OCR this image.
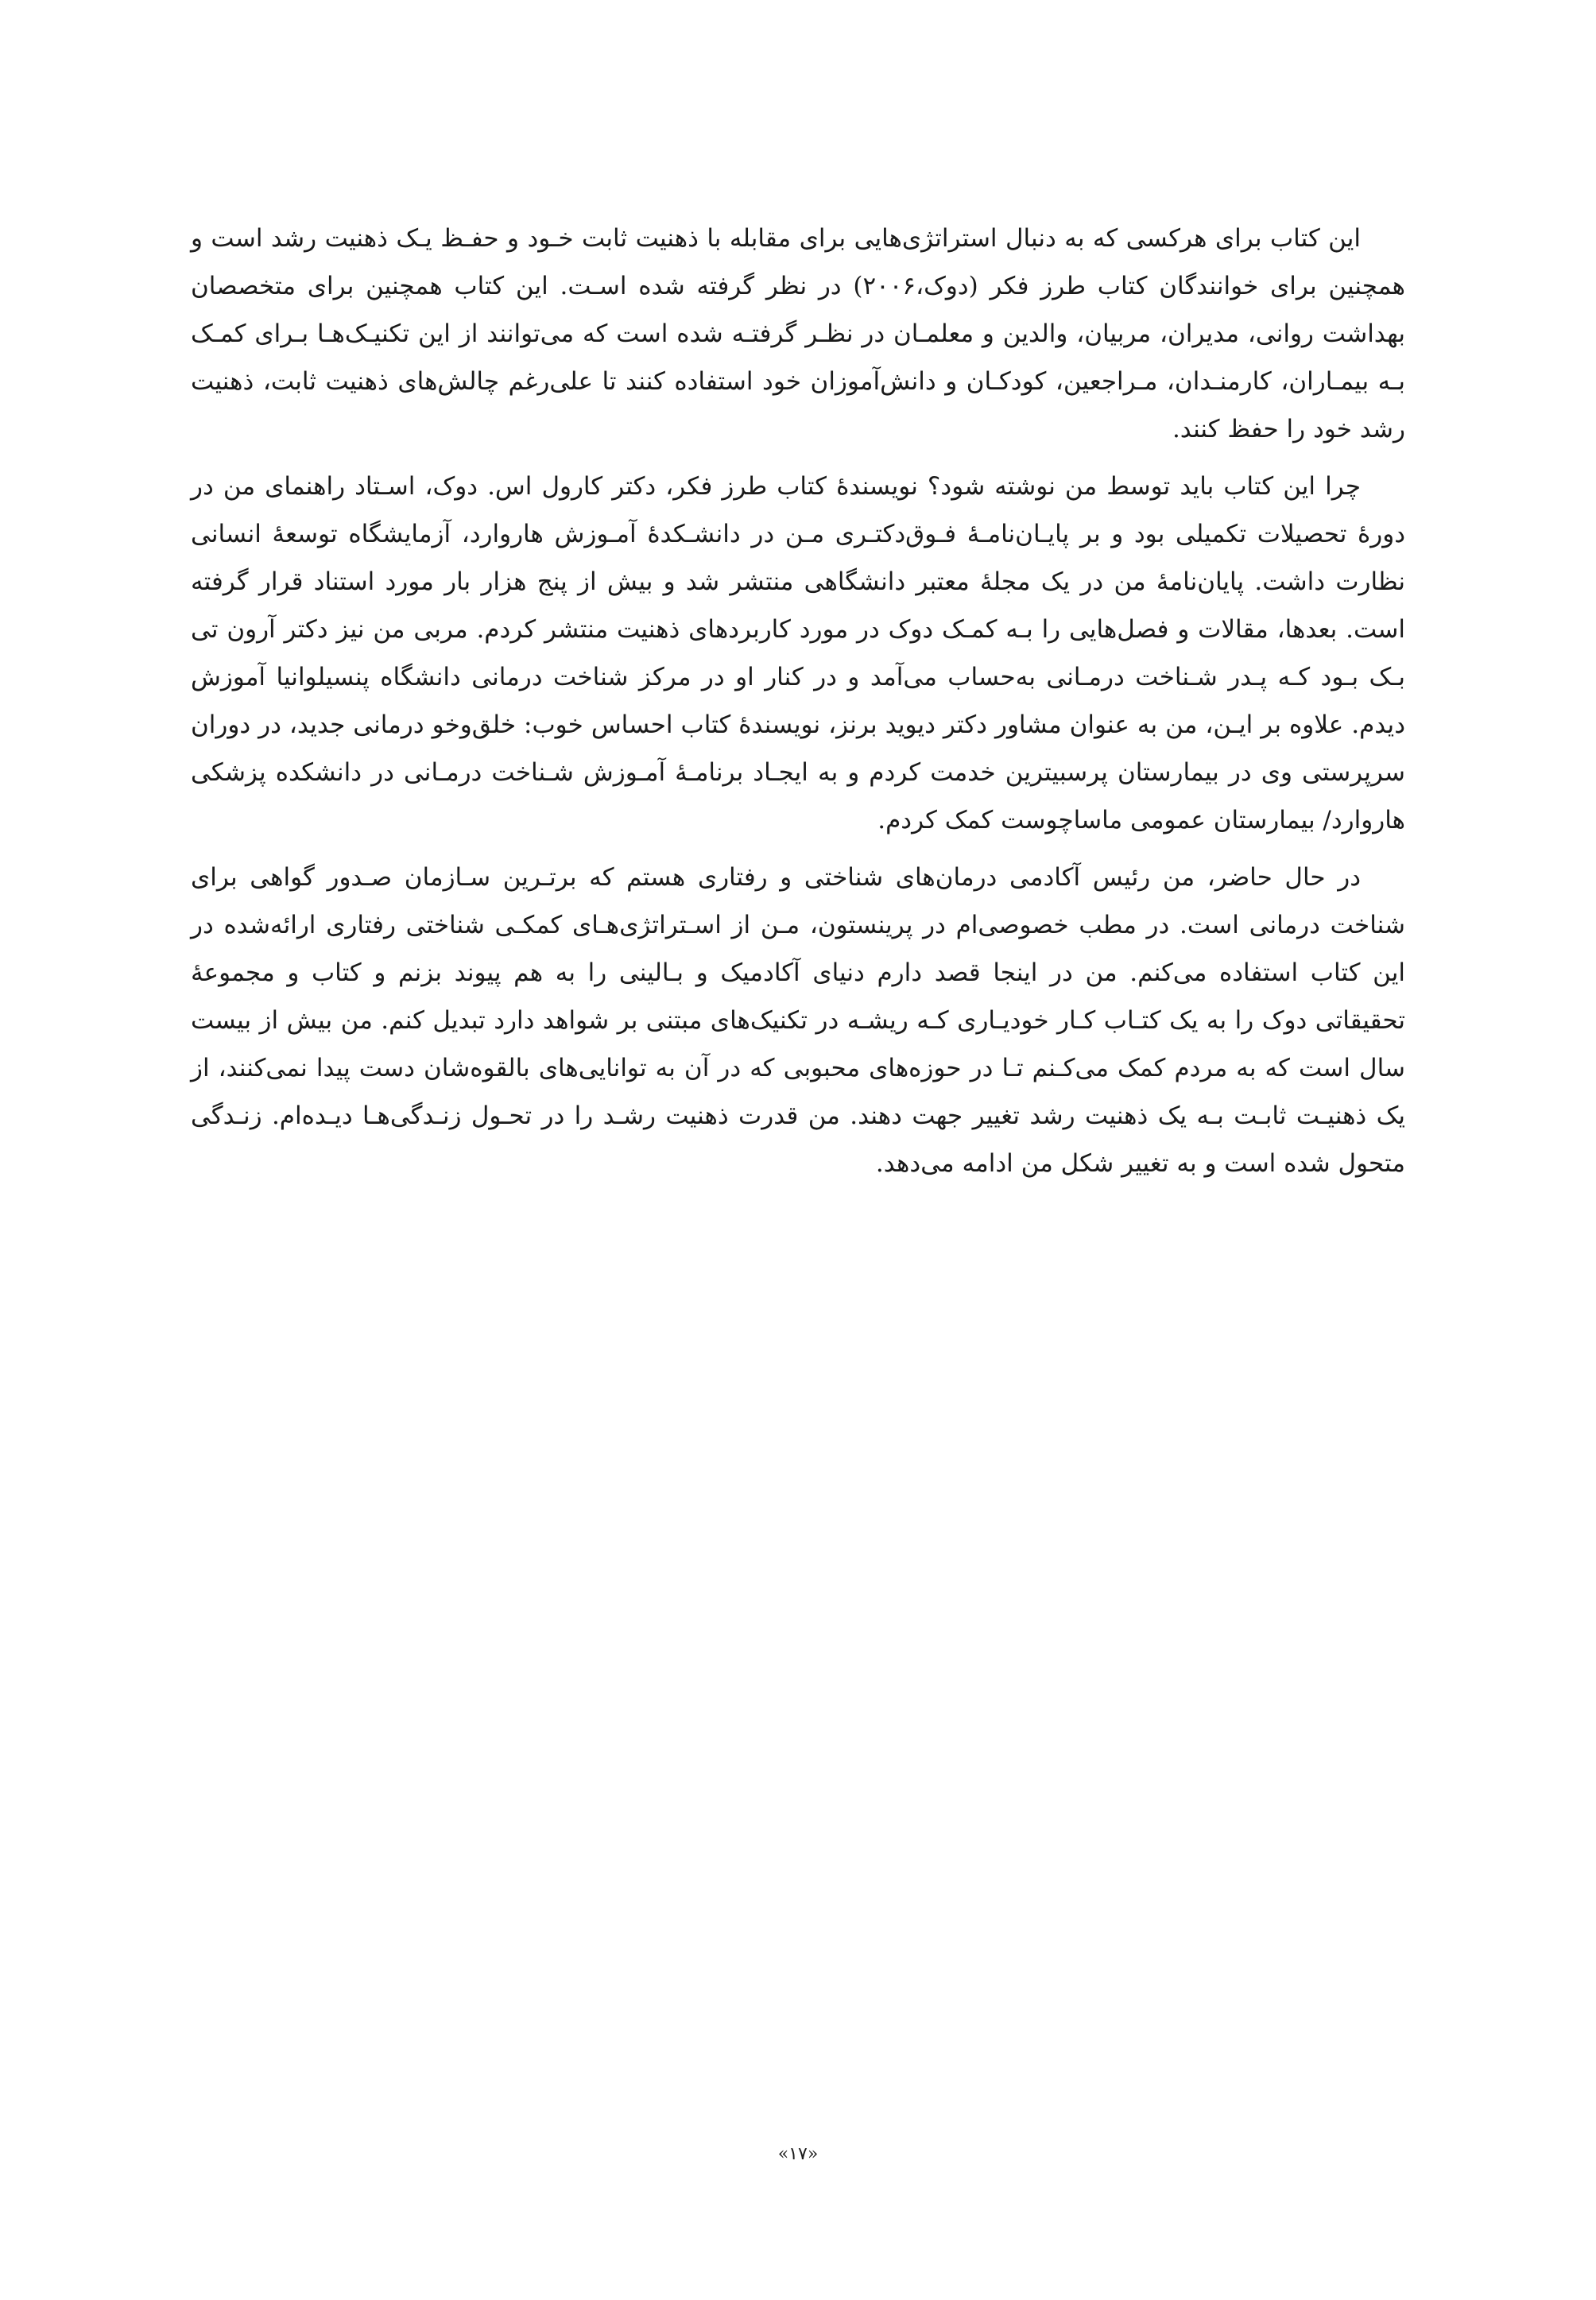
این کتاب برای هرکسی که به دنبال استراتژی‌هایی برای مقابله با ذهنیت ثابت خـود و حفـظ یـک ذهنیت رشد است و همچنین برای خوانندگان کتاب طرز فکر (دوک،۲۰۰۶) در نظر گرفته شده اسـت. این کتاب همچنین برای متخصصان بهداشت روانی، مدیران، مربیان، والدین و معلمـان در نظـر گرفتـه شده است که می‌توانند از این تکنیـک‌هـا بـرای کمـک بـه بیمـاران، کارمنـدان، مـراجعین، کودکـان و دانش‌آموزان خود استفاده کنند تا علی‌رغم چالش‌های ذهنیت ثابت، ذهنیت رشد خود را حفظ کنند.

چرا این کتاب باید توسط من نوشته شود؟ نویسندهٔ کتاب طرز فکر، دکتر کارول اس. دوک، اسـتاد راهنمای من در دورهٔ تحصیلات تکمیلی بود و بر پایـان‌نامـهٔ فـوق‌دکتـری مـن در دانشـکدهٔ آمـوزش هاروارد، آزمایشگاه توسعهٔ انسانی نظارت داشت. پایان‌نامهٔ من در یک مجلهٔ معتبر دانشگاهی منتشر شد و بیش از پنج هزار بار مورد استناد قرار گرفته است. بعدها، مقالات و فصل‌هایی را بـه کمـک دوک در مورد کاربردهای ذهنیت منتشر کردم. مربی من نیز دکتر آرون تی بـک بـود کـه پـدر شـناخت درمـانی به‌حساب می‌آمد و در کنار او در مرکز شناخت درمانی دانشگاه پنسیلوانیا آموزش دیدم. علاوه بر ایـن، من به عنوان مشاور دکتر دیوید برنز، نویسندهٔ کتاب احساس خوب: خلق‌وخو درمانی جدید، در دوران سرپرستی وی در بیمارستان پرسبیترین خدمت کردم و به ایجـاد برنامـهٔ آمـوزش شـناخت درمـانی در دانشکده پزشکی هاروارد/ بیمارستان عمومی ماساچوست کمک کردم.

در حال حاضر، من رئیس آکادمی درمان‌های شناختی و رفتاری هستم که برتـرین سـازمان صـدور گواهی برای شناخت درمانی است. در مطب خصوصی‌ام در پرینستون، مـن از اسـتراتژی‌هـای کمکـی شناختی رفتاری ارائه‌شده در این کتاب استفاده می‌کنم. من در اینجا قصد دارم دنیای آکادمیک و بـالینی را به هم پیوند بزنم و کتاب و مجموعهٔ تحقیقاتی دوک را به یک کتـاب کـار خودیـاری کـه ریشـه در تکنیک‌های مبتنی بر شواهد دارد تبدیل کنم. من بیش از بیست سال است که به مردم کمک می‌کـنم تـا در حوزه‌های محبوبی که در آن به توانایی‌های بالقوه‌شان دست پیدا نمی‌کنند، از یک ذهنیـت ثابـت بـه یک ذهنیت رشد تغییر جهت دهند. من قدرت ذهنیت رشـد را در تحـول زنـدگی‌هـا دیـده‌ام. زنـدگی متحول شده است و به تغییر شکل من ادامه می‌دهد.

«۱۷»
